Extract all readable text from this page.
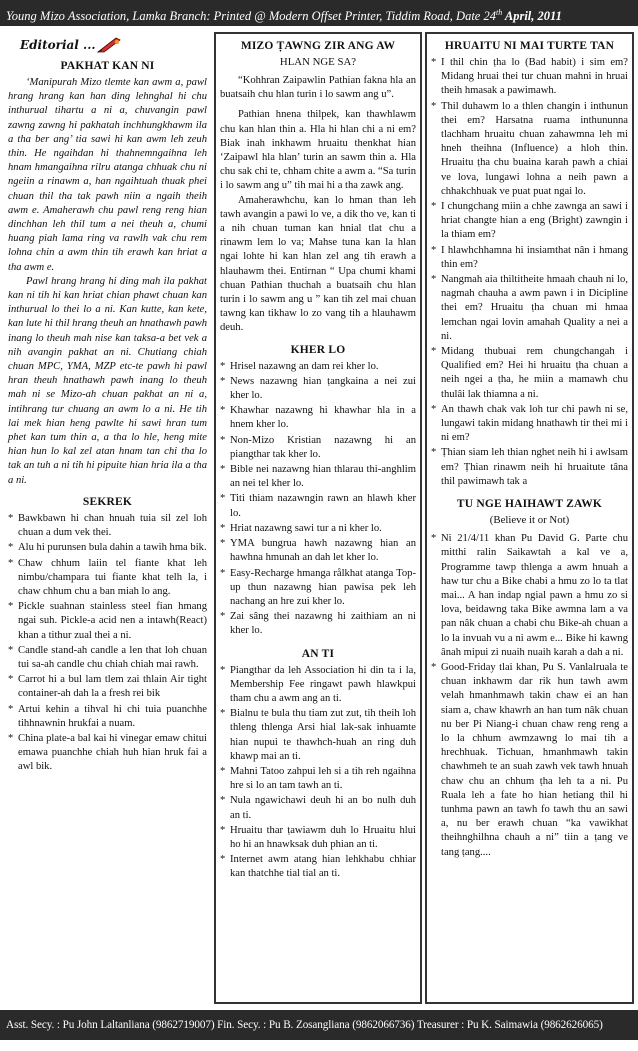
Young Mizo Association, Lamka Branch: Printed @ Modern Offset Printer, Tiddim Road, Date 24th April, 2011
Editorial ...
PAKHAT KAN NI

‘Manipurah Mizo tlemte kan awm a, pawl hrang hrang kan han ding lehnghal hi chu inthurual tihartu a ni a, chuvangin pawl zawng zawng hi pakhatah inchhungkhawm ila a tha ber ang’ tia sawi hi kan awm leh zeuh thin. He ngaihdan hi thahnemngaihna leh hnam hmangaihna rilru atanga chhuak chu ni ngeiin a rinawm a, han ngaihtuah thuak phei chuan thil tha tak pawh niin a ngaih theih awm e. Amaherawh chu pawl reng reng hian dinchhan leh thil tum a nei theuh a, chumi huang piah lama ring va rawlh vak chu rem lohna chin a awm thin tih erawh kan hriat a tha awm e.

Pawl hrang hrang hi ding mah ila pakhat kan ni tih hi kan hriat chian phawt chuan kan inthurual lo thei lo a ni. Kan kutte, kan kete, kan lute hi thil hrang theuh an hnathawh pawh inang lo theuh mah nise kan taksa-a bet vek a nih avangin pakhat an ni. Chutiang chiah chuan MPC, YMA, MZP etc-te pawh hi pawl hran theuh hnathawh pawh inang lo theuh mah ni se Mizo-ah chuan pakhat an ni a, intihrang tur chuang an awm lo a ni. He tih lai mek hian heng pawlte hi sawi hran tum phet kan tum thin a, a tha lo hle, heng mite hian hun lo kal zel atan hnam tan chi tha lo tak an tuh a ni tih hi pipuite hian hria ila a tha a ni.

SEKREK
* Bawkbawn hi chan hnuah tuia sil zel loh chuan a dum vek thei.
* Alu hi purunsen bula dahin a tawih hma bik.
* Chaw chhum laiin tel fiante khat leh nimbu/champara tui fiante khat telh la, i chaw chhum chu a ban miah lo ang.
* Pickle suahnan stainless steel fian hmang ngai suh. Pickle-a acid nen a intawh(React) khan a tithur zual thei a ni.
* Candle stand-ah candle a len that loh chuan tui sa-ah candle chu chiah chiah mai rawh.
* Carrot hi a bul lam tlem zai thlain Air tight container-ah dah la a fresh rei bik
* Artui kehin a tihval hi chi tuia puanchhe tihhnawnin hrukfai a nuam.
* China plate-a bal kai hi vinegar emaw chitui emawa puanchhe chiah huh hian hruk fai a awl bik.
MIZO ṬAWNG ZIR ANG AW
HLAN NGE SA?

“Kohhran Zaipawlin Pathian fakna hla an buatsaih chu hlan turin i lo sawm ang u”.

Pathian hnena thilpek, kan thawhlawm chu kan hlan thin a. Hla hi hlan chi a ni em? Biak inah inkhawm hruaitu thenkhat hian ‘Zaipawl hla hlan’ turin an sawm thin a. Hla chu sak chi te, chham chite a awm a. “Sa turin i lo sawm ang u” tih mai hi a tha zawk ang.

Amaherawhchu, kan lo hman than leh tawh avangin a pawi lo ve, a dik tho ve, kan ti a nih chuan tuman kan hnial tlat chu a rinawm lem lo va; Mahse tuna kan la hlan ngai lohte hi kan hlan zel ang tih erawh a hlauhawm thei. Entirnan “ Upa chumi khami chuan Pathian thuchah a buatsaih chu hlan turin i lo sawm ang u ” kan tih zel mai chuan tawng kan tikhaw lo zo vang tih a hlauhawm deuh.

KHER LO
* Hrisel nazawng an dam rei kher lo.
* News nazawng hian ṭangkaina a nei zui kher lo.
* Khawhar nazawng hi khawhar hla in a hnem kher lo.
* Non-Mizo Kristian nazawng hi an piangthar tak kher lo.
* Bible nei nazawng hian thlarau thi-anghlim an nei tel kher lo.
* Titi thiam nazawngin rawn an hlawh kher lo.
* Hriat nazawng sawi tur a ni kher lo.
* YMA bungrua hawh nazawng hian an hawhna hmunah an dah let kher lo.
* Easy-Recharge hmanga rålkhat atanga Top-up thun nazawng hian pawisa pek leh nachang an hre zui kher lo.
* Zai sâng thei nazawng hi zaithiam an ni kher lo.
AN TI
* Piangthar da leh Association hi din ta i la, Membership Fee ringawt pawh hlawkpui tham chu a awm ang an ti.
* Bialnu te bula thu tiam zut zut, tih theih loh thleng thlenga Arsi hial lak-sak inhuamte hian nupui te thawhch-huah an ring duh khawp mai an ti.
* Mahni Tatoo zahpui leh si a tih reh ngaihna hre si lo an tam tawh an ti.
* Nula ngawichawi deuh hi an bo nulh duh an ti.
* Hruaitu thar ṭawiawm duh lo Hruaitu hlui ho hi an hnawksak duh phian an ti.
* Internet awm atang hian lehkhabu chhiar kan thatchhe tial tial an ti.
HRUAITU NI MAI TURTE TAN
* I thil chin ṭha lo (Bad habit) i sim em? Midang hruai thei tur chuan mahni in hruai theih hmasak a pawimawh.
* Thil duhawm lo a thlen changin i inthunun thei em? Harsatna ruama inthununna tlachham hruaitu chuan zahawmna leh mi hneh theihna (Influence) a hloh thin. Hruaitu ṭha chu buaina karah pawh a chiai ve lova, lungawi lohna a neih pawn a chhakchhuak ve puat puat ngai lo.
* I chungchang miin a chhe zawnga an sawi i hriat changte hian a eng (Bright) zawngin i la thiam em?
* I hlawhchhamna hi insiamthat nân i hmang thin em?
* Nangmah aia thiltitheite hmaah chauh ni lo, nagmah chauha a awm pawn i in Dicipline thei em? Hruaitu ṭha chuan mi hmaa lemchan ngai lovin amahah Quality a nei a ni.
* Midang thubuai rem chungchangah i Qualified em? Hei hi hruaitu ṭha chuan a neih ngei a ṭha, he miin a mamawh chu thulâi lak thiamna a ni.
* An thawh chak vak loh tur chi pawh ni se, lungawi takin midang hnathawh tir thei mi i ni em?
* Ṭhian siam leh thian nghet neih hi i awlsam em? Ṭhian rinawm neih hi hruaitute tâna thil pawimawh tak a
TU NGE HAIHAWT ZAWK
(Believe it or Not)
* Ni 21/4/11 khan Pu David G. Parte chu mitthi ralin Saikawtah a kal ve a, Programme tawp thlenga a awm hnuah a haw tur chu a Bike chabi a hmu zo lo ta tlat mai... A han indap ngial pawn a hmu zo si lova, beidawng taka Bike awmna lam a va pan nâk chuan a chabi chu Bike-ah chuan a lo la invuah vu a ni awm e... Bike hi kawng ânah mipui zi nuaih nuaih karah a dah a ni.
* Good-Friday tlai khan, Pu S. Vanlalruala te chuan inkhawm dar rik hun tawh awm velah hmanhmawh takin chaw ei an han siam a, chaw khawrh an han tum nâk chuan nu ber Pi Niang-i chuan chaw reng reng a lo la chhum awmzawng lo mai tih a hrechhuak. Tichuan, hmanhmawh takin chawhmeh te an suah zawh vek tawh hnuah chaw chu an chhum ṭha leh ta a ni. Pu Ruala leh a fate ho hian hetiang thil hi tunhma pawn an tawh fo tawh thu an sawi a, nu ber erawh chuan “ka vawikhat theihnghilhna chauh a ni” tiin a ṭang ve tang ṭang....
Asst. Secy. : Pu John Laltanliana (9862719007) Fin. Secy. : Pu B. Zosangliana (9862066736) Treasurer : Pu K. Saimawia (9862626065)
